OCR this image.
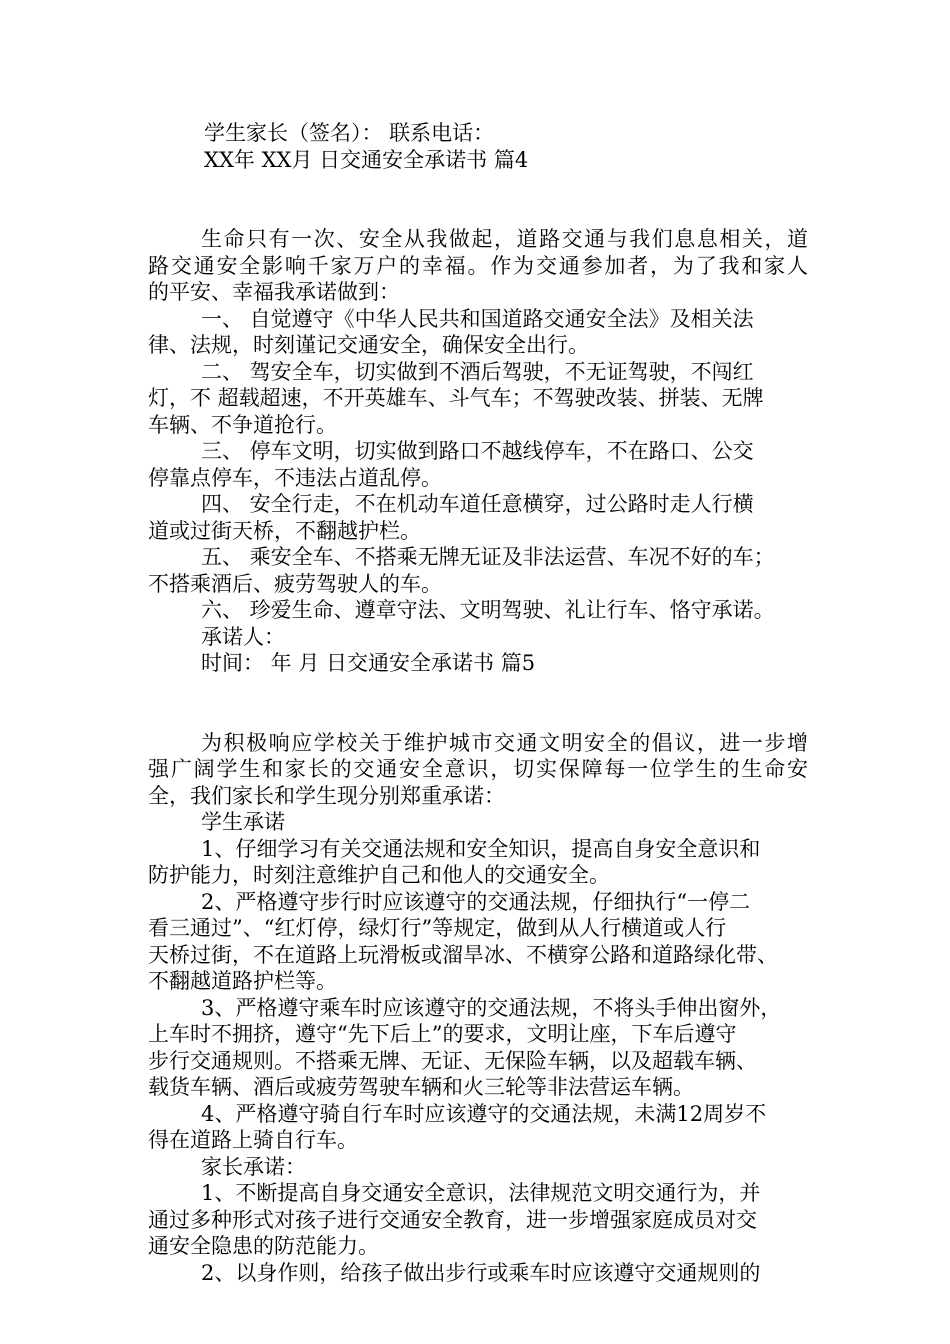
学生家长（签名）： 联系电话：
XX年 XX月 日交通安全承诺书 篇4
生命只有一次、安全从我做起，道路交通与我们息息相关，道
路交通安全影响千家万户的幸福。作为交通参加者，为了我和家人
的平安、幸福我承诺做到：
一、 自觉遵守《中华人民共和国道路交通安全法》及相关法
律、法规，时刻谨记交通安全，确保安全出行。
二、 驾安全车，切实做到不酒后驾驶，不无证驾驶，不闯红
灯，不 超载超速，不开英雄车、斗气车；不驾驶改装、拼装、无牌
车辆、不争道抢行。
三、 停车文明，切实做到路口不越线停车，不在路口、公交
停靠点停车，不违法占道乱停。
四、 安全行走，不在机动车道任意横穿，过公路时走人行横
道或过街天桥，不翻越护栏。
五、 乘安全车、不搭乘无牌无证及非法运营、车况不好的车；
不搭乘酒后、疲劳驾驶人的车。
六、 珍爱生命、遵章守法、文明驾驶、礼让行车、恪守承诺。
承诺人：
时间： 年 月 日交通安全承诺书 篇5
为积极响应学校关于维护城市交通文明安全的倡议，进一步增
强广阔学生和家长的交通安全意识，切实保障每一位学生的生命安
全，我们家长和学生现分别郑重承诺：
学生承诺
1、仔细学习有关交通法规和安全知识，提高自身安全意识和
防护能力，时刻注意维护自己和他人的交通安全。
2、严格遵守步行时应该遵守的交通法规，仔细执行“一停二
看三通过”、“红灯停，绿灯行”等规定，做到从人行横道或人行
天桥过街，不在道路上玩滑板或溜旱冰、不横穿公路和道路绿化带、
不翻越道路护栏等。
3、严格遵守乘车时应该遵守的交通法规，不将头手伸出窗外，
上车时不拥挤，遵守“先下后上”的要求，文明让座，下车后遵守
步行交通规则。不搭乘无牌、无证、无保险车辆，以及超载车辆、
载货车辆、酒后或疲劳驾驶车辆和火三轮等非法营运车辆。
4、严格遵守骑自行车时应该遵守的交通法规，未满12周岁不
得在道路上骑自行车。
家长承诺：
1、不断提高自身交通安全意识，法律规范文明交通行为，并
通过多种形式对孩子进行交通安全教育，进一步增强家庭成员对交
通安全隐患的防范能力。
2、以身作则，给孩子做出步行或乘车时应该遵守交通规则的
